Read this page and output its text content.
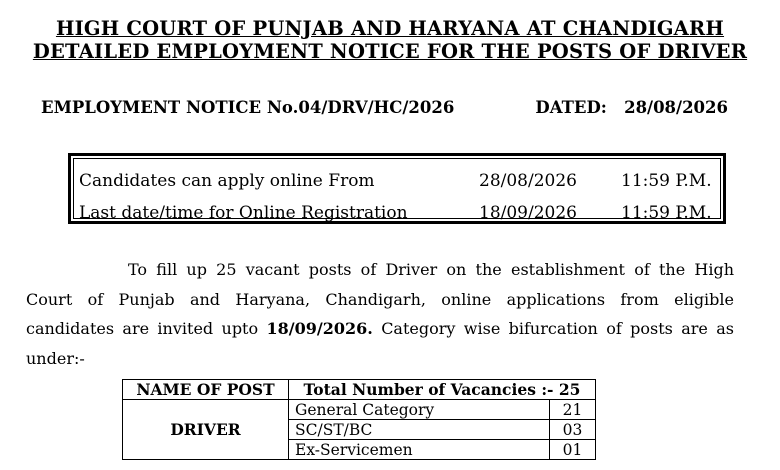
HIGH COURT OF PUNJAB AND HARYANA AT CHANDIGARH
DETAILED EMPLOYMENT NOTICE FOR THE POSTS OF DRIVER
EMPLOYMENT NOTICE No.04/DRV/HC/2026	DATED: 28/08/2026
Candidates can apply online From	28/08/2026	11:59 P.M.
Last date/time for Online Registration	18/09/2026	11:59 P.M.
To fill up 25 vacant posts of Driver on the establishment of the High Court of Punjab and Haryana, Chandigarh, online applications from eligible candidates are invited upto 18/09/2026. Category wise bifurcation of posts are as under:-
NAME OF POST	Total Number of Vacancies :- 25	
DRIVER	General Category	21
	SC/ST/BC	03
	Ex-Servicemen	01
